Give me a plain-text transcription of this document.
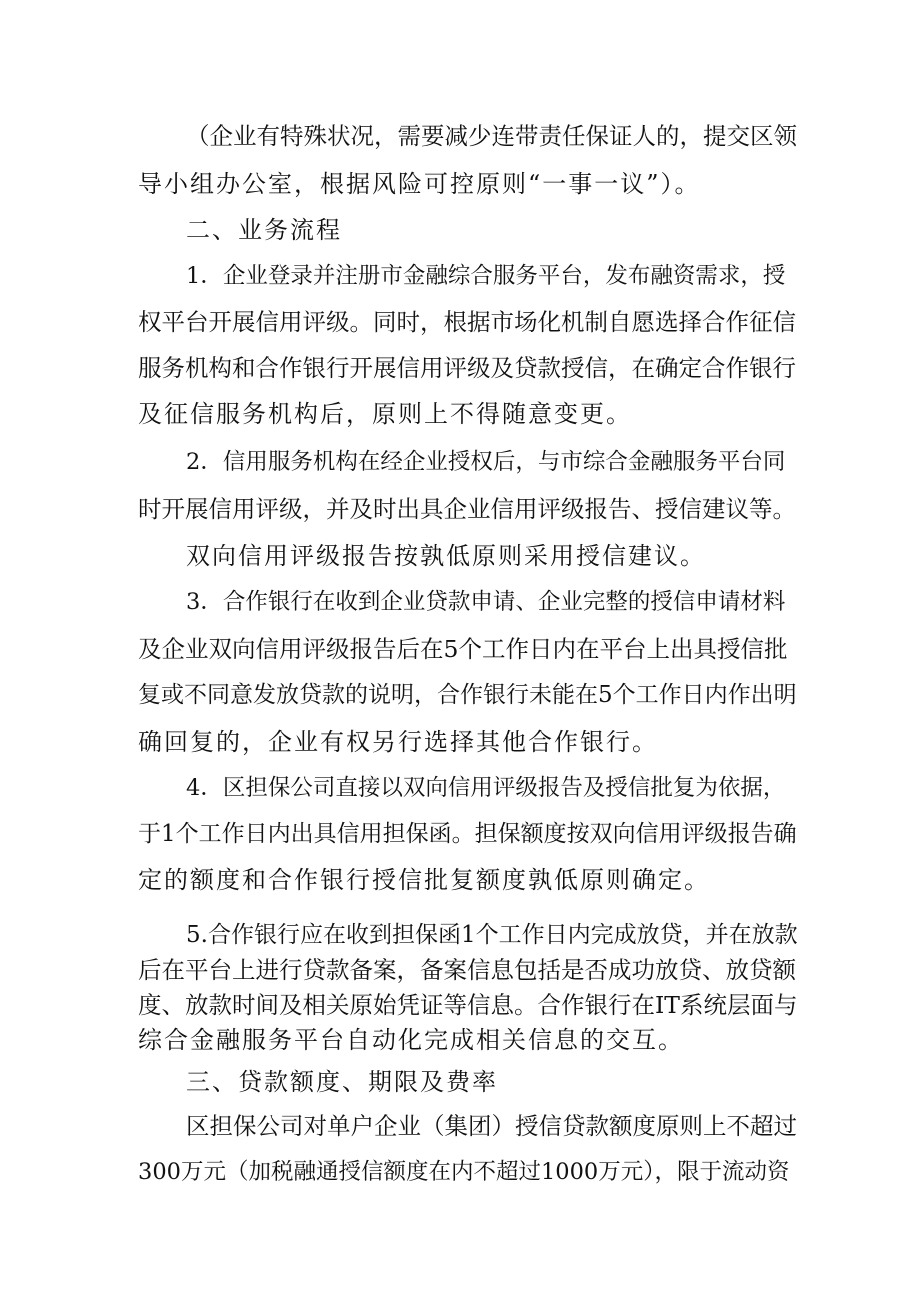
（企业有特殊状况，需要减少连带责任保证人的，提交区领
导小组办公室，根据风险可控原则“一事一议”）。
二、业务流程
1．企业登录并注册市金融综合服务平台，发布融资需求，授
权平台开展信用评级。同时，根据市场化机制自愿选择合作征信
服务机构和合作银行开展信用评级及贷款授信，在确定合作银行
及征信服务机构后，原则上不得随意变更。
2．信用服务机构在经企业授权后，与市综合金融服务平台同
时开展信用评级，并及时出具企业信用评级报告、授信建议等。
双向信用评级报告按孰低原则采用授信建议。
3．合作银行在收到企业贷款申请、企业完整的授信申请材料
及企业双向信用评级报告后在5个工作日内在平台上出具授信批
复或不同意发放贷款的说明，合作银行未能在5个工作日内作出明
确回复的，企业有权另行选择其他合作银行。
4．区担保公司直接以双向信用评级报告及授信批复为依据，
于1个工作日内出具信用担保函。担保额度按双向信用评级报告确
定的额度和合作银行授信批复额度孰低原则确定。
5.合作银行应在收到担保函1个工作日内完成放贷，并在放款
后在平台上进行贷款备案，备案信息包括是否成功放贷、放贷额
度、放款时间及相关原始凭证等信息。合作银行在IT系统层面与
综合金融服务平台自动化完成相关信息的交互。
三、贷款额度、期限及费率
区担保公司对单户企业（集团）授信贷款额度原则上不超过
300万元（加税融通授信额度在内不超过1000万元），限于流动资
